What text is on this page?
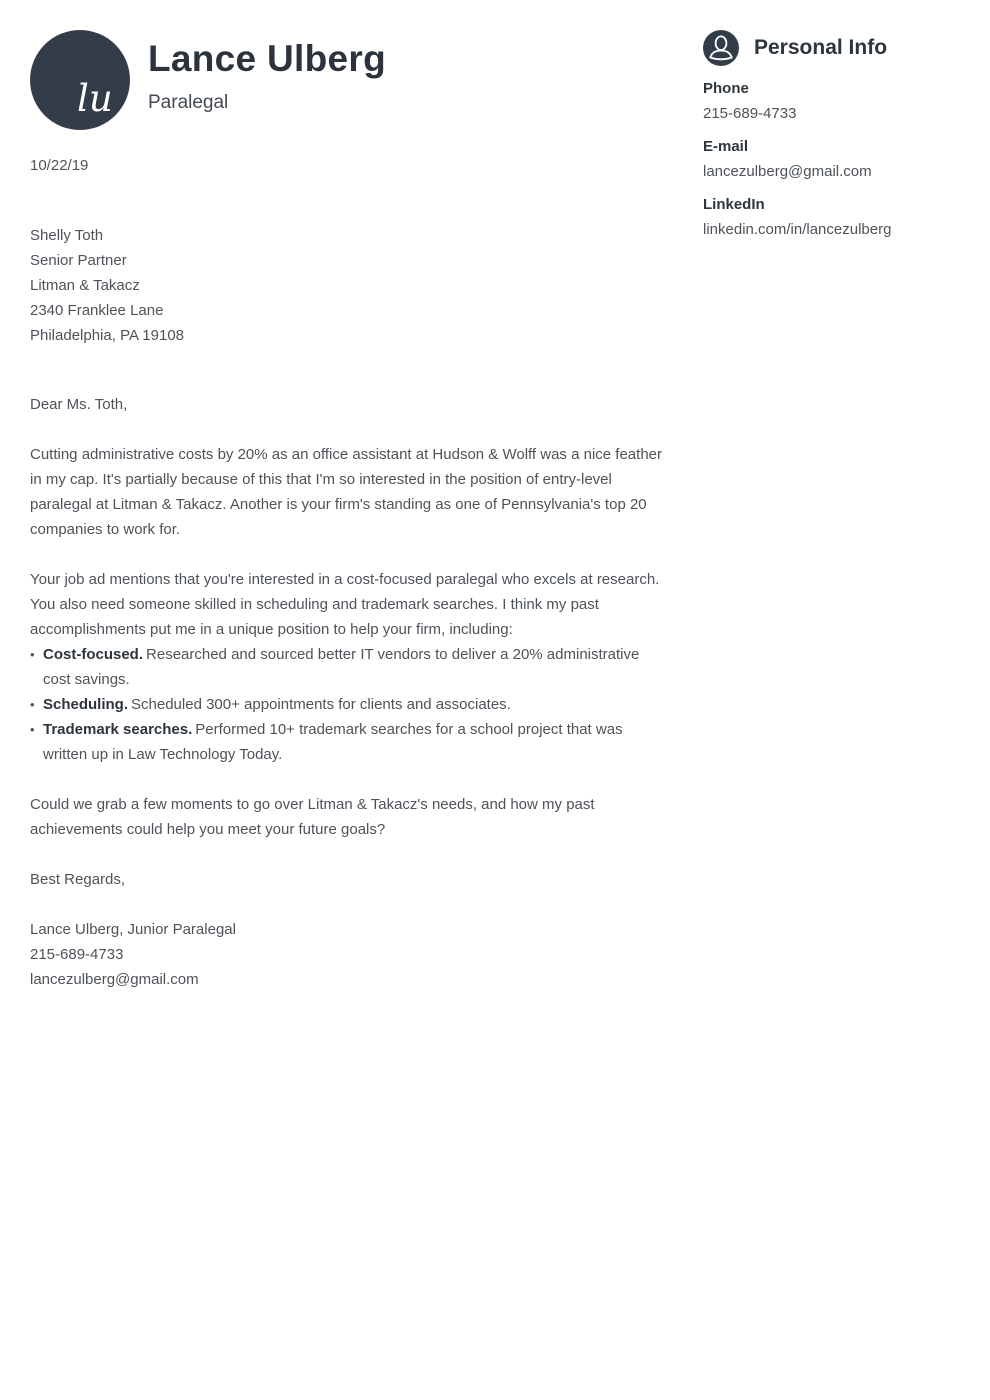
lu
Lance Ulberg
Paralegal
Personal Info
Phone
215-689-4733
E-mail
lancezulberg@gmail.com
LinkedIn
linkedin.com/in/lancezulberg

10/22/19

Shelly Toth
Senior Partner
Litman & Takacz
2340 Franklee Lane
Philadelphia, PA 19108

Dear Ms. Toth,

Cutting administrative costs by 20% as an office assistant at Hudson & Wolff was a nice feather in my cap. It's partially because of this that I'm so interested in the position of entry-level paralegal at Litman & Takacz. Another is your firm's standing as one of Pennsylvania's top 20 companies to work for.

Your job ad mentions that you're interested in a cost-focused paralegal who excels at research. You also need someone skilled in scheduling and trademark searches. I think my past accomplishments put me in a unique position to help your firm, including:

• Cost-focused. Researched and sourced better IT vendors to deliver a 20% administrative cost savings.
• Scheduling. Scheduled 300+ appointments for clients and associates.
• Trademark searches. Performed 10+ trademark searches for a school project that was written up in Law Technology Today.

Could we grab a few moments to go over Litman & Takacz's needs, and how my past achievements could help you meet your future goals?

Best Regards,

Lance Ulberg, Junior Paralegal
215-689-4733
lancezulberg@gmail.com
